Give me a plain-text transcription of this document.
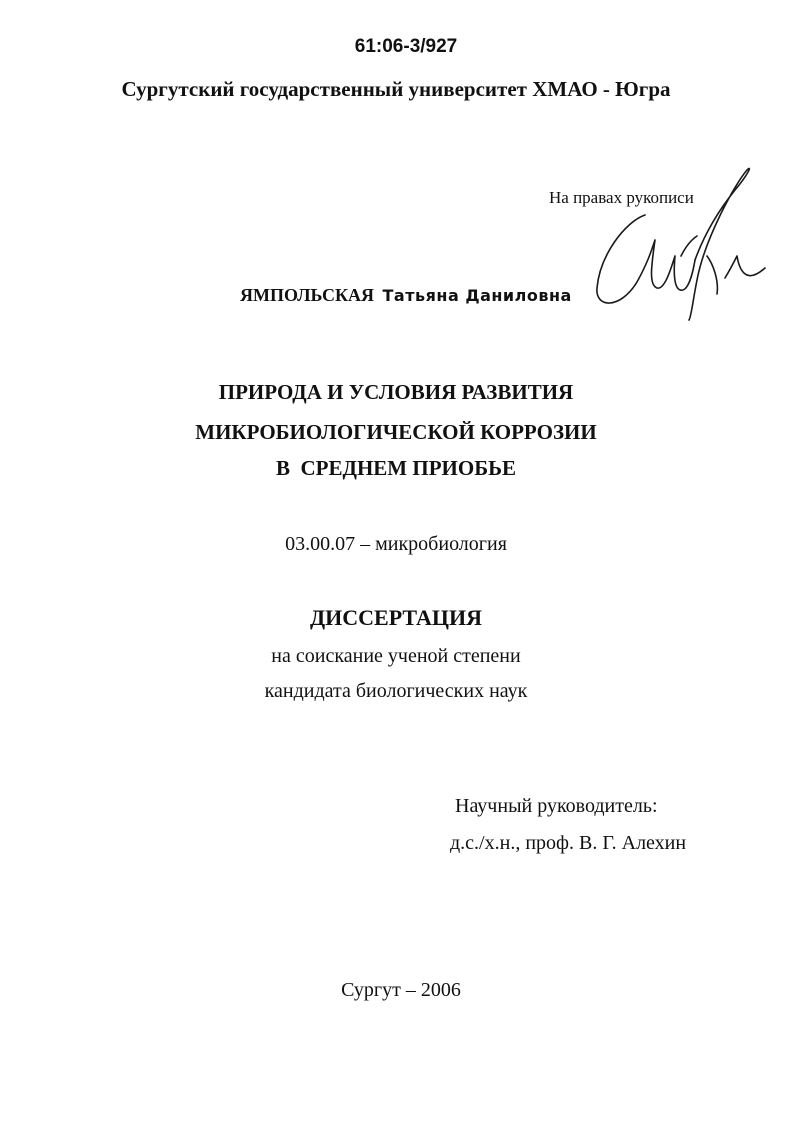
61:06-3/927
Сургутский государственный университет ХМАО - Югра
На правах рукописи
ЯМПОЛЬСКАЯ Татьяна Даниловна
ПРИРОДА И УСЛОВИЯ РАЗВИТИЯ
МИКРОБИОЛОГИЧЕСКОЙ КОРРОЗИИ
В  СРЕДНЕМ ПРИОБЬЕ
03.00.07 – микробиология
ДИССЕРТАЦИЯ
на соискание ученой степени
кандидата биологических наук
Научный руководитель:
д.с./х.н., проф. В. Г. Алехин
Сургут – 2006
